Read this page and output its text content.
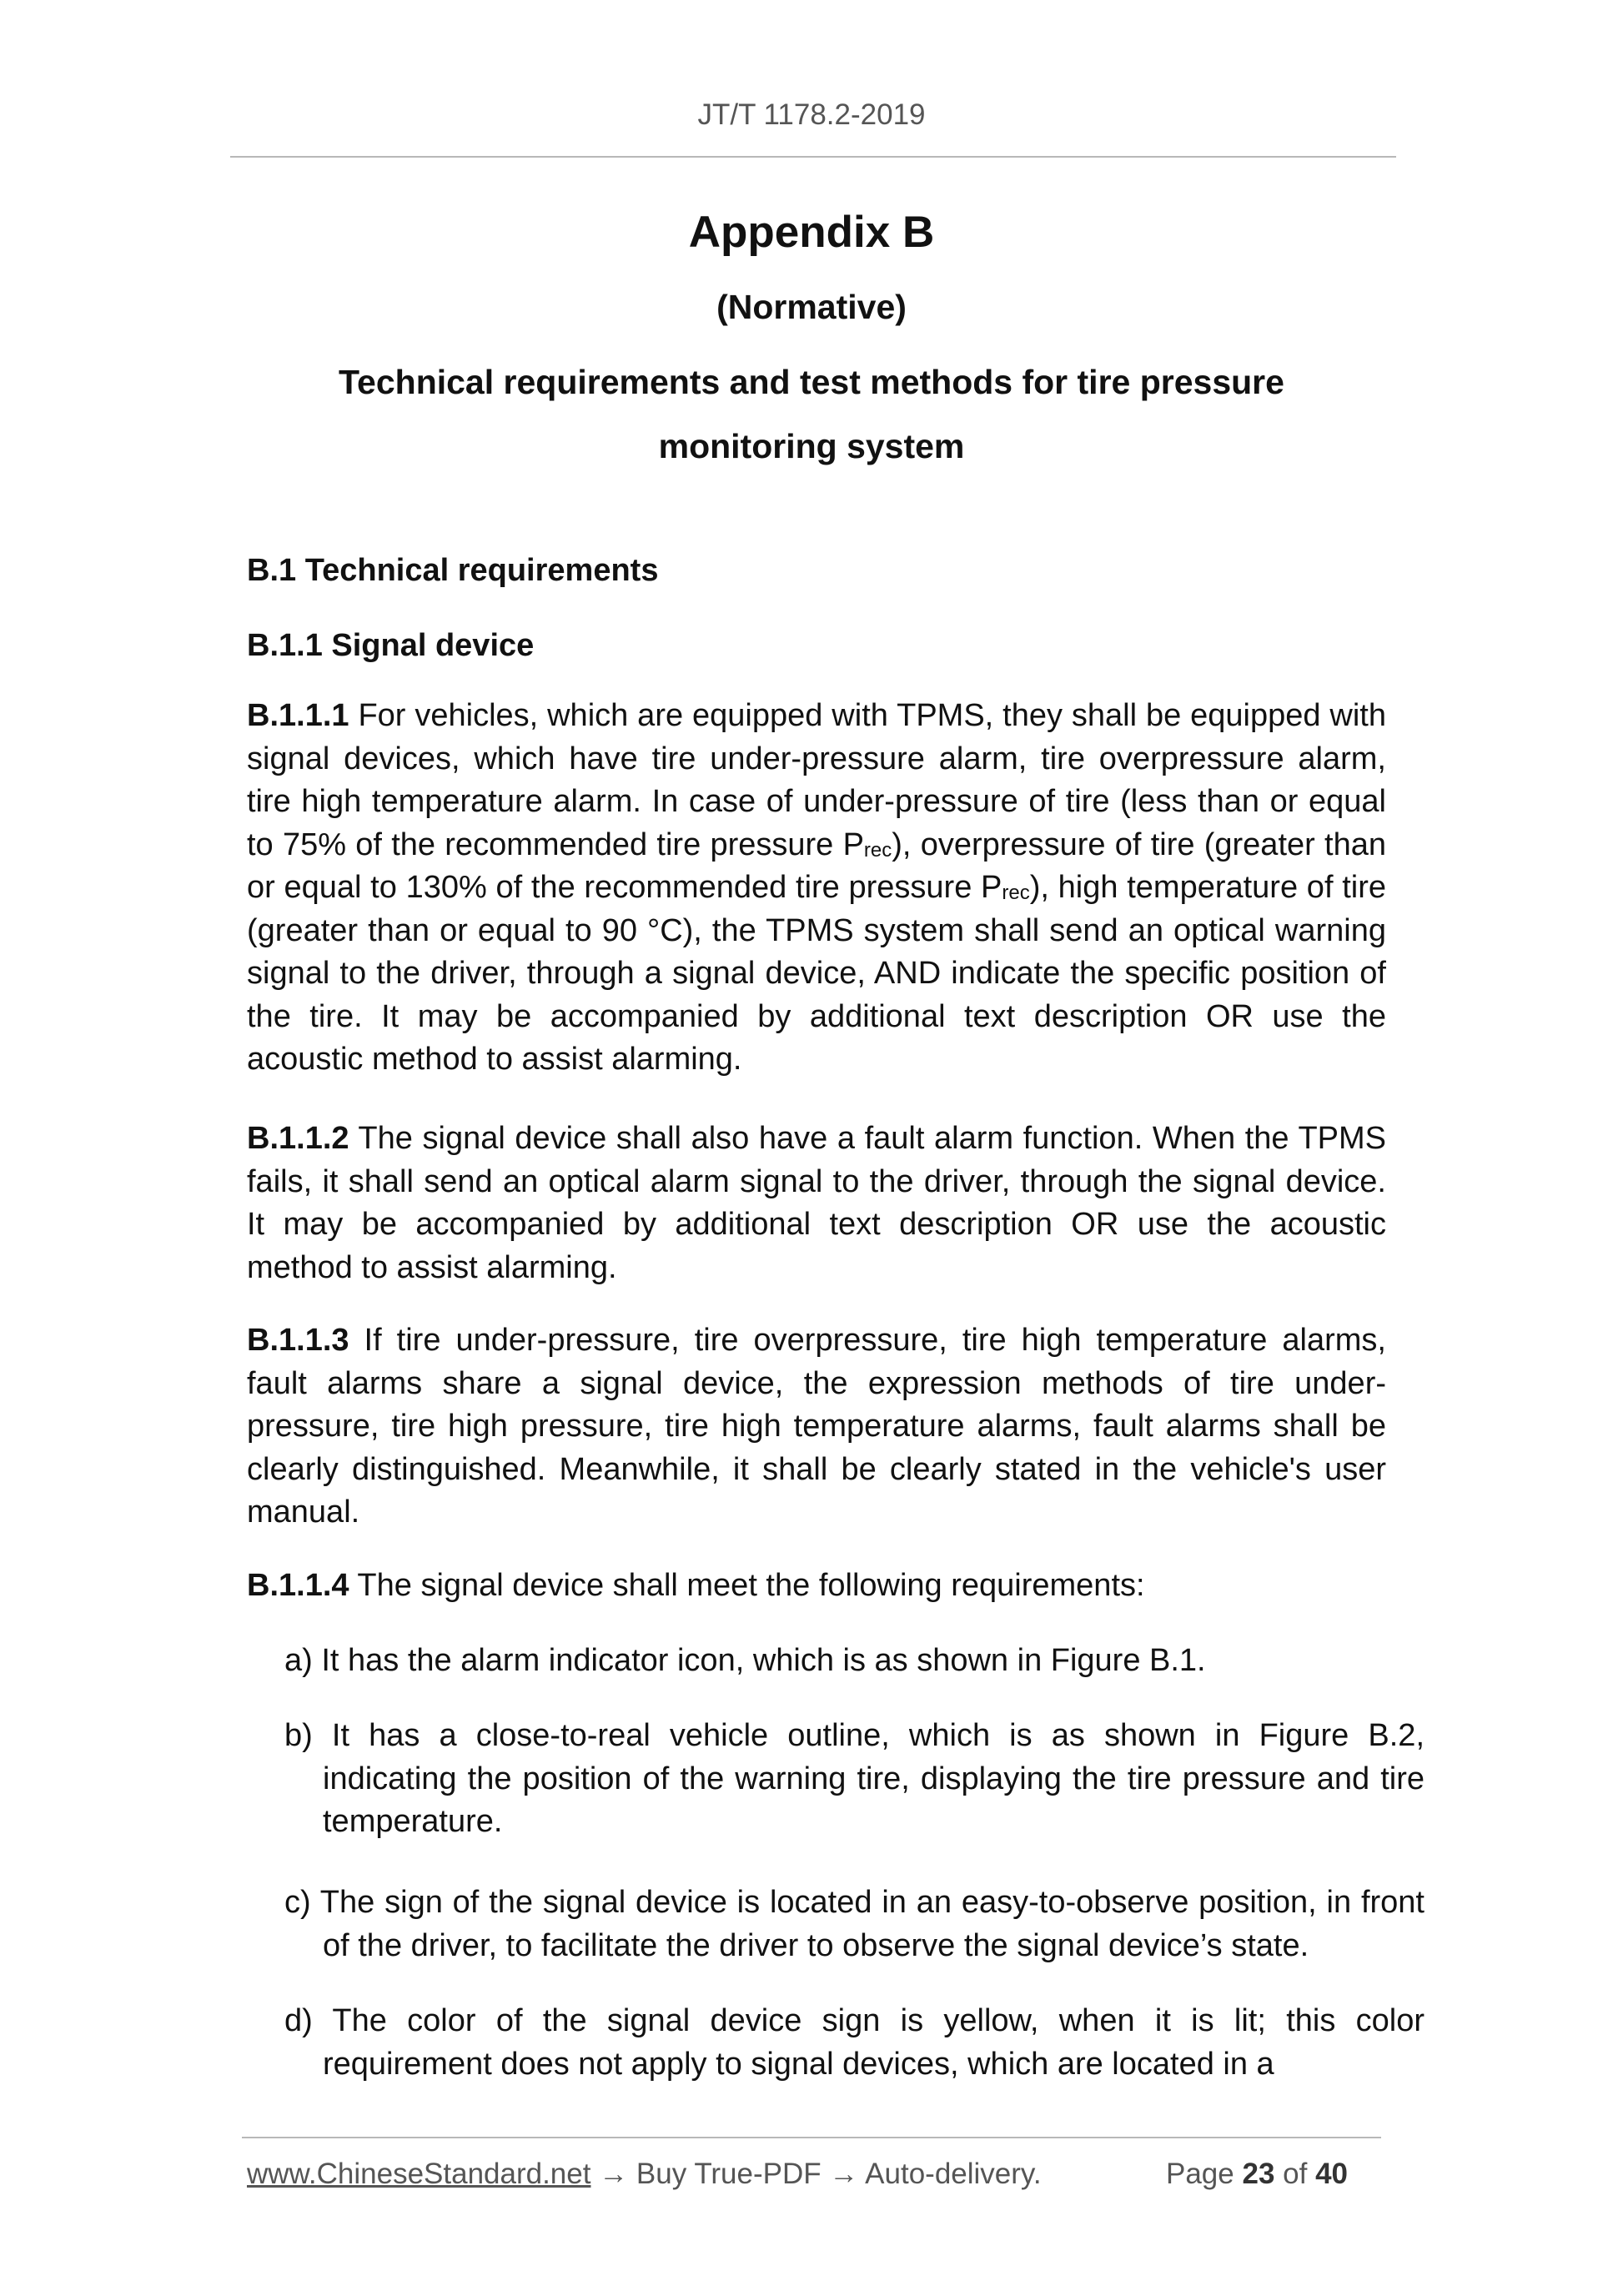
JT/T 1178.2-2019
Appendix B
(Normative)
Technical requirements and test methods for tire pressure
monitoring system
B.1 Technical requirements
B.1.1 Signal device

B.1.1.1 For vehicles, which are equipped with TPMS, they shall be equipped with signal devices, which have tire under-pressure alarm, tire overpressure alarm, tire high temperature alarm. In case of under-pressure of tire (less than or equal to 75% of the recommended tire pressure $P_{rec}$), overpressure of tire (greater than or equal to 130% of the recommended tire pressure $P_{rec}$), high temperature of tire (greater than or equal to 90 °C), the TPMS system shall send an optical warning signal to the driver, through a signal device, AND indicate the specific position of the tire. It may be accompanied by additional text description OR use the acoustic method to assist alarming.

B.1.1.2 The signal device shall also have a fault alarm function. When the TPMS fails, it shall send an optical alarm signal to the driver, through the signal device. It may be accompanied by additional text description OR use the acoustic method to assist alarming.

B.1.1.3 If tire under-pressure, tire overpressure, tire high temperature alarms, fault alarms share a signal device, the expression methods of tire under-pressure, tire high pressure, tire high temperature alarms, fault alarms shall be clearly distinguished. Meanwhile, it shall be clearly stated in the vehicle's user manual.

B.1.1.4 The signal device shall meet the following requirements:

a) It has the alarm indicator icon, which is as shown in Figure B.1.

b) It has a close-to-real vehicle outline, which is as shown in Figure B.2, indicating the position of the warning tire, displaying the tire pressure and tire temperature.

c) The sign of the signal device is located in an easy-to-observe position, in front of the driver, to facilitate the driver to observe the signal device’s state.

d) The color of the signal device sign is yellow, when it is lit; this color requirement does not apply to signal devices, which are located in a

www.ChineseStandard.net → Buy True-PDF → Auto-delivery.	Page 23 of 40
